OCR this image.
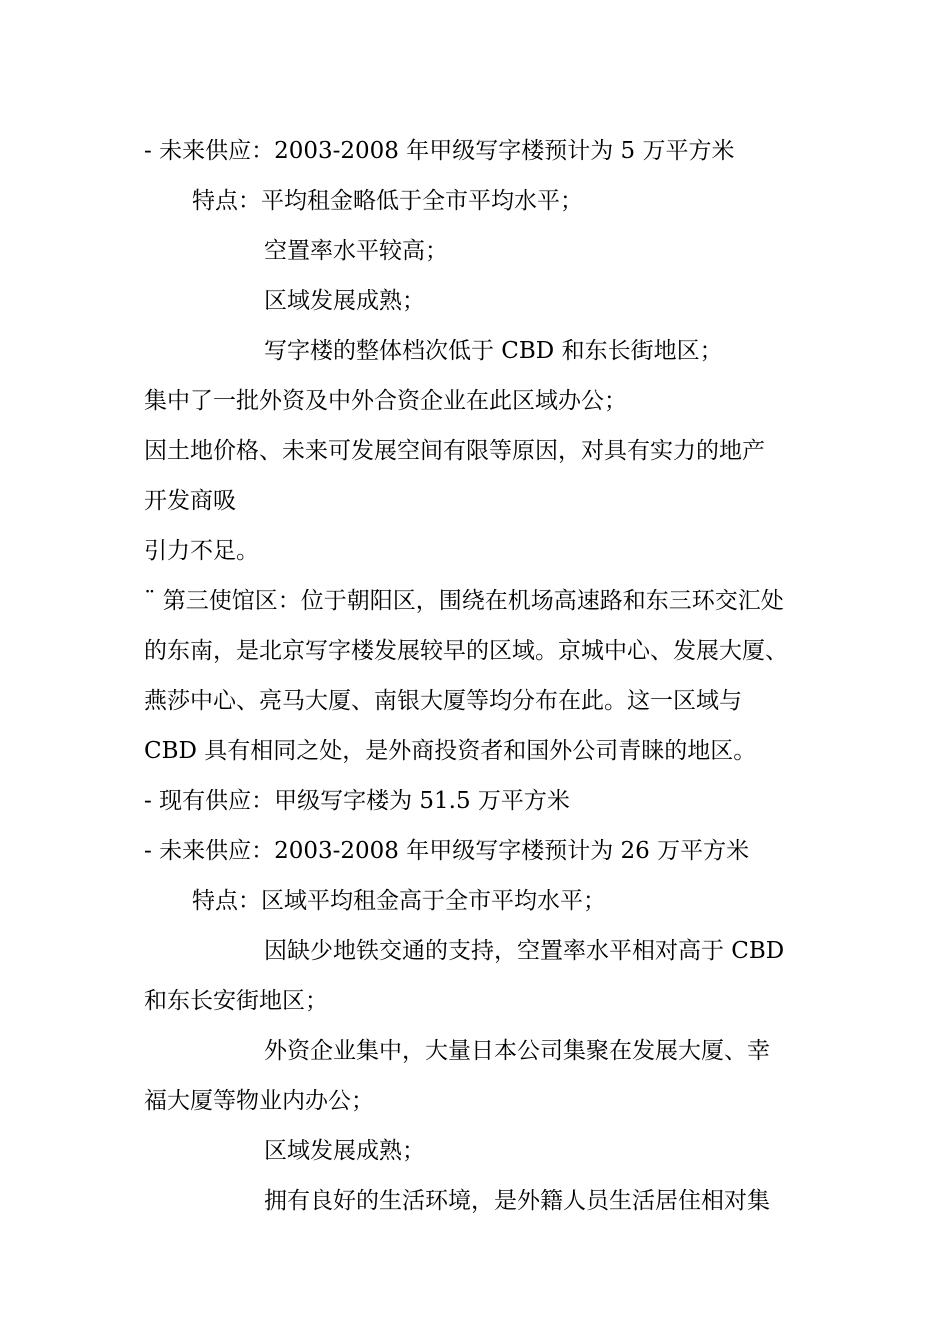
- 未来供应：2003-2008 年甲级写字楼预计为 5 万平方米
特点：平均租金略低于全市平均水平；
空置率水平较高；
区域发展成熟；
写字楼的整体档次低于 CBD 和东长街地区；
集中了一批外资及中外合资企业在此区域办公；
因土地价格、未来可发展空间有限等原因，对具有实力的地产
开发商吸
引力不足。
¨ 第三使馆区：位于朝阳区，围绕在机场高速路和东三环交汇处
的东南，是北京写字楼发展较早的区域。京城中心、发展大厦、
燕莎中心、亮马大厦、南银大厦等均分布在此。这一区域与
CBD 具有相同之处，是外商投资者和国外公司青睐的地区。
- 现有供应：甲级写字楼为 51.5 万平方米
- 未来供应：2003-2008 年甲级写字楼预计为 26 万平方米
特点：区域平均租金高于全市平均水平；
因缺少地铁交通的支持，空置率水平相对高于 CBD
和东长安街地区；
外资企业集中，大量日本公司集聚在发展大厦、幸
福大厦等物业内办公；
区域发展成熟；
拥有良好的生活环境，是外籍人员生活居住相对集
